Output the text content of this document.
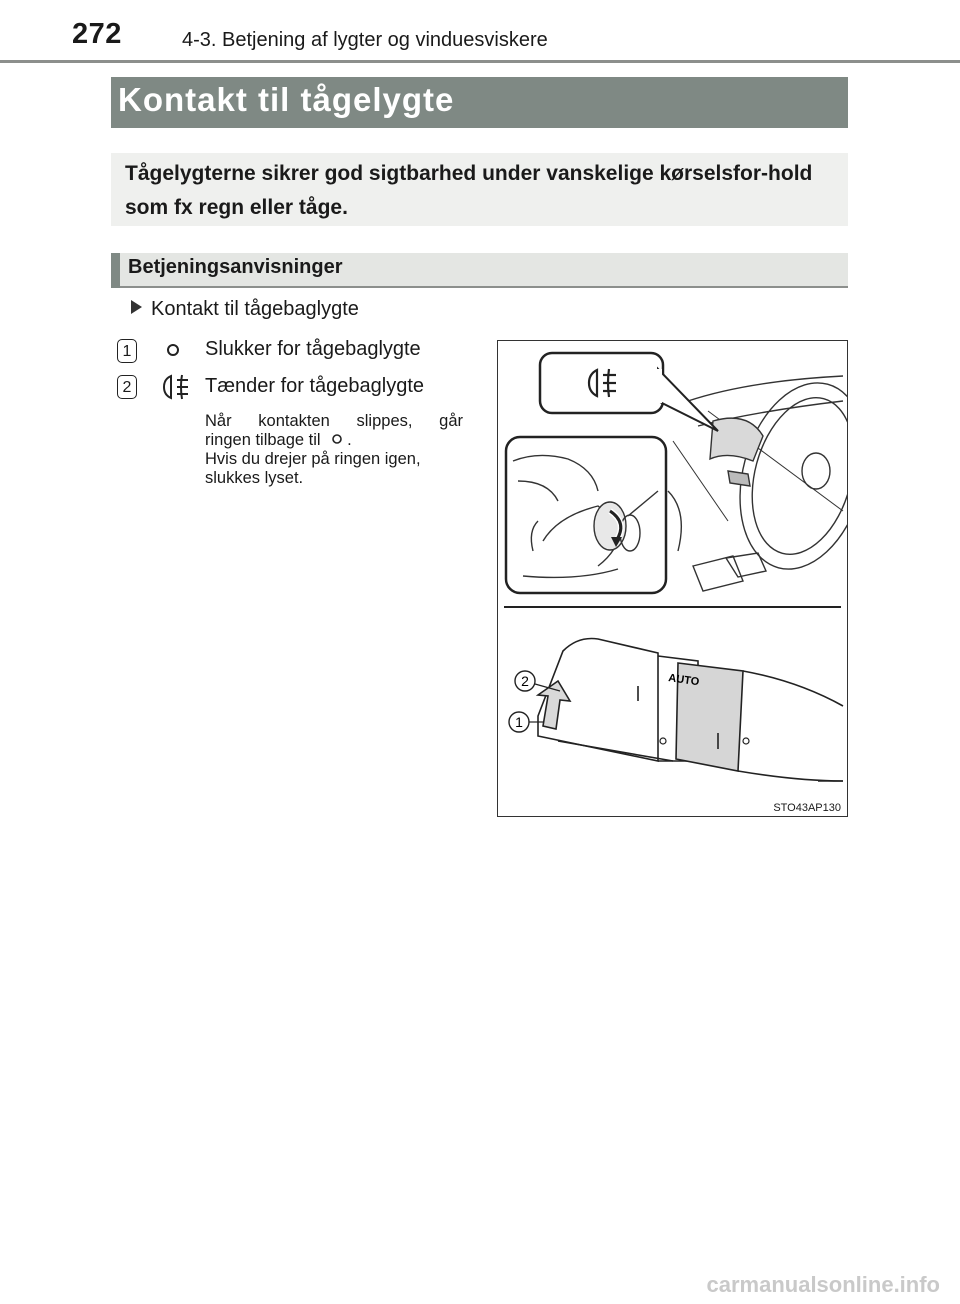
272	4-3. Betjening af lygter og vinduesviskere
Kontakt til tågelygte
Tågelygterne sikrer god sigtbarhed under vanskelige kørselsfor-hold som fx regn eller tåge.
Betjeningsanvisninger
Kontakt til tågebaglygte
1	Slukker for tågebaglygte
2	Tænder for tågebaglygte

Når kontakten slippes, går

ringen tilbage til .

Hvis du drejer på ringen igen,

slukkes lyset.

AUTO
2
1
STO43AP130
carmanualsonline.info
